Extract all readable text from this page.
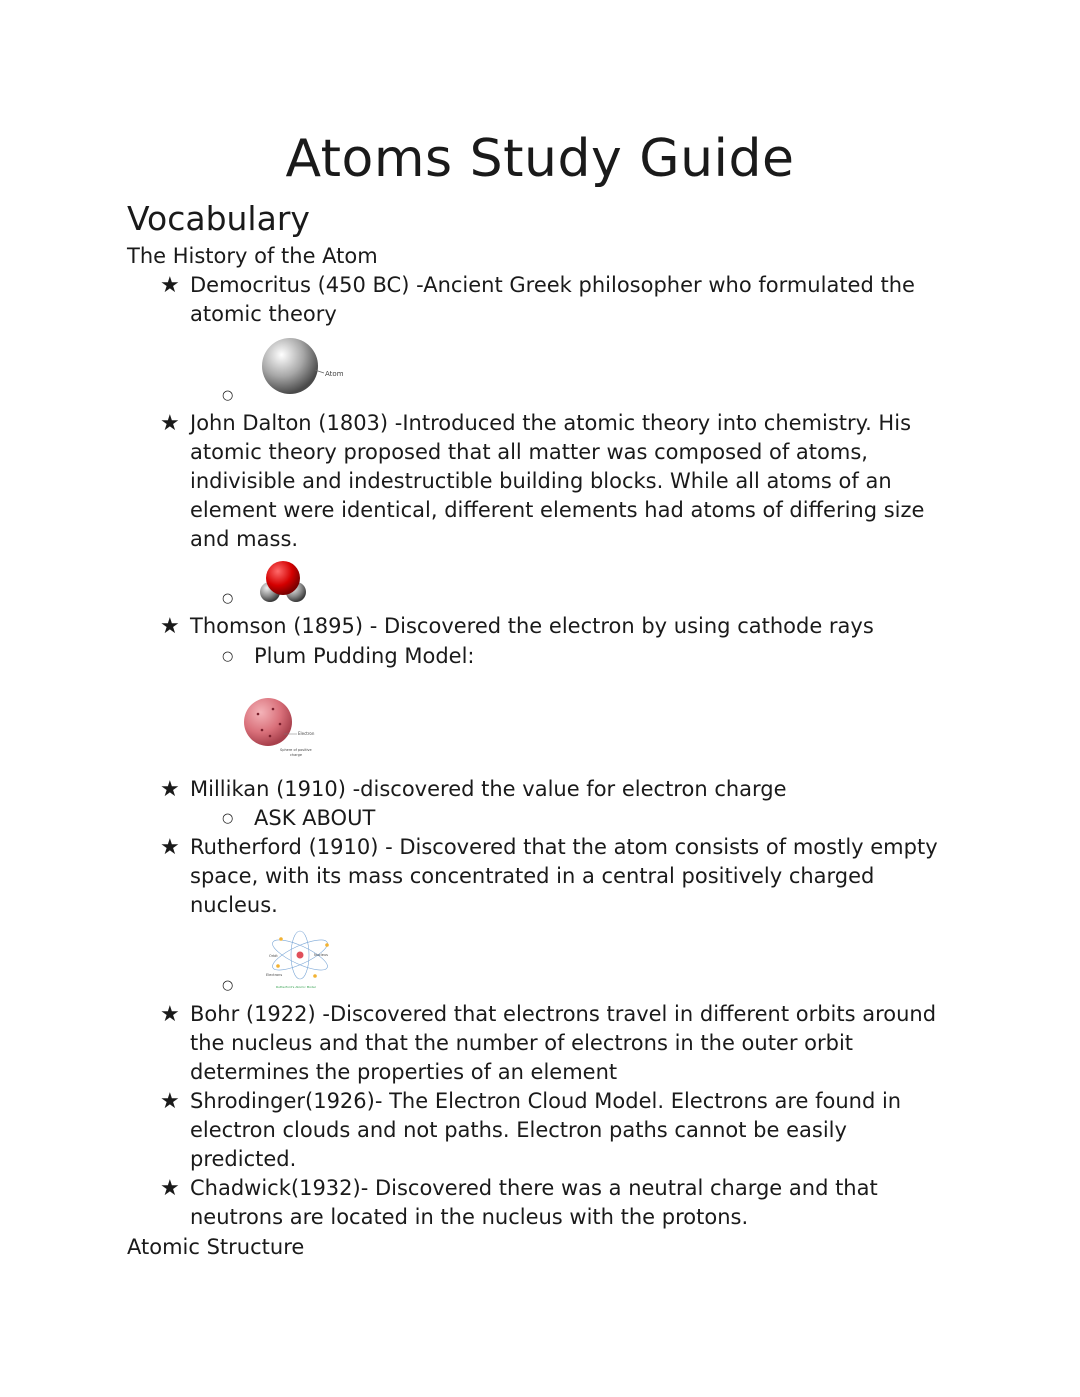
Atoms Study Guide
Vocabulary
The History of the Atom
★ Democritus (450 BC) -Ancient Greek philosopher who formulated the
atomic theory
○
Atom
★ John Dalton (1803) -Introduced the atomic theory into chemistry. His
atomic theory proposed that all matter was composed of atoms,
indivisible and indestructible building blocks. While all atoms of an
element were identical, different elements had atoms of differing size
and mass.
○
★ Thomson (1895) - Discovered the electron by using cathode rays
○ Plum Pudding Model:
Electron
Sphere of positive
charge
★ Millikan (1910) -discovered the value for electron charge
○ ASK ABOUT
★ Rutherford (1910) - Discovered that the atom consists of mostly empty
space, with its mass concentrated in a central positively charged
nucleus.
○
Orbit	Nucleus
Electrons
Rutherford's Atomic Model
★ Bohr (1922) -Discovered that electrons travel in different orbits around
the nucleus and that the number of electrons in the outer orbit
determines the properties of an element
★ Shrodinger(1926)- The Electron Cloud Model. Electrons are found in
electron clouds and not paths. Electron paths cannot be easily
predicted.
★ Chadwick(1932)- Discovered there was a neutral charge and that
neutrons are located in the nucleus with the protons.
Atomic Structure
